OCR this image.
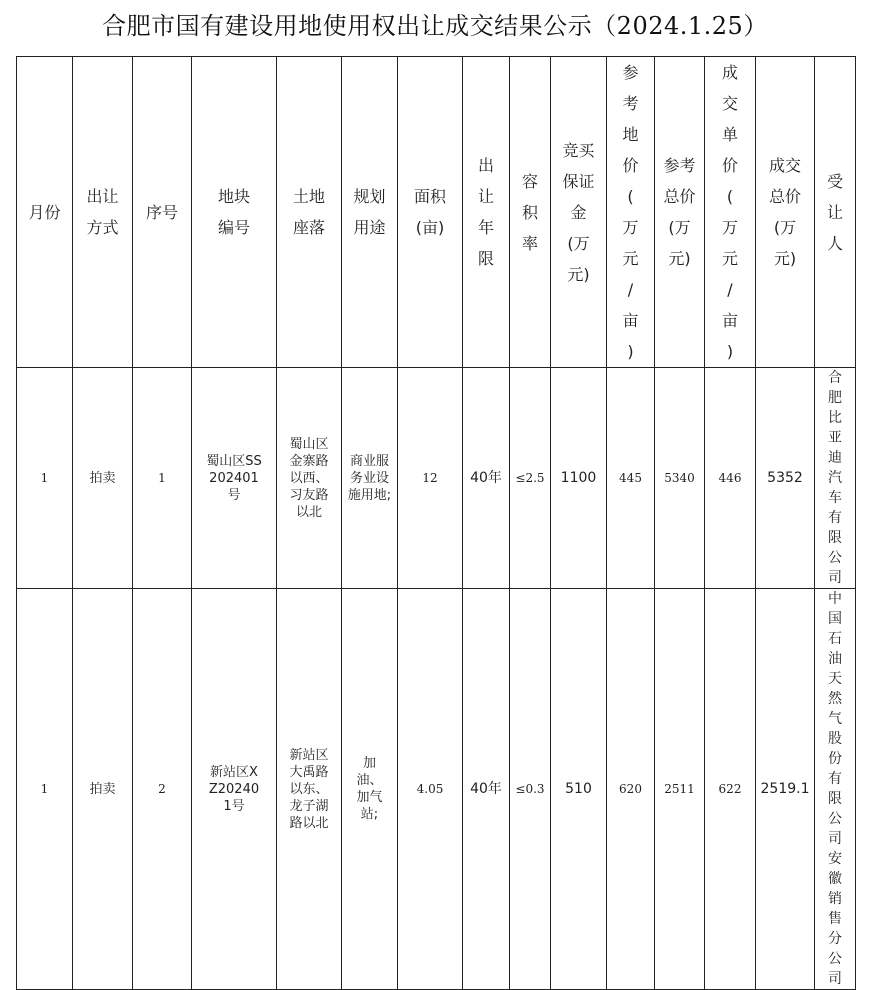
合肥市国有建设用地使用权出让成交结果公示（2024.1.25）
月份	出让方式	序号	地块编号	土地座落	规划用途	面积(亩)	出让年限	容积率	竞买保证金(万元)	参考地价(万元/亩)	参考总价(万元)	成交单价(万元/亩)	成交总价(万元)	受让人
1	拍卖	1	蜀山区SS202401号	蜀山区金寨路以西、习友路以北	商业服务业设施用地;	12	40年	≤2.5	1100	445	5340	446	5352	合肥比亚迪汽车有限公司
1	拍卖	2	新站区XZ202401号	新站区大禹路以东、龙子湖路以北	加油、加气站;	4.05	40年	≤0.3	510	620	2511	622	2519.1	中国石油天然气股份有限公司安徽销售分公司
